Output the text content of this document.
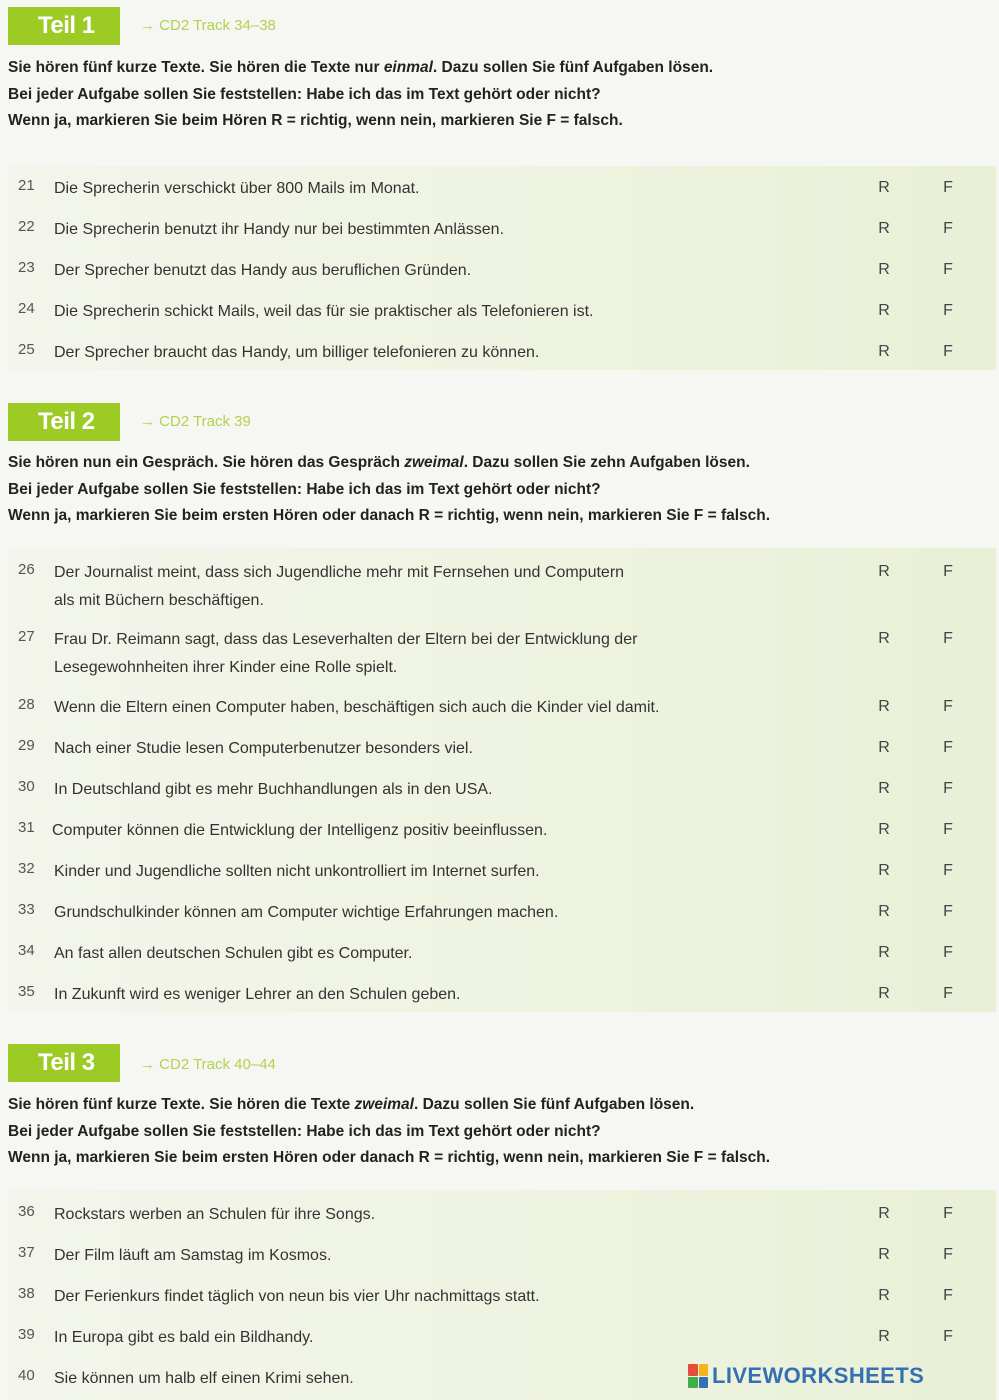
Teil 1	→ CD2 Track 34–38

Sie hören fünf kurze Texte. Sie hören die Texte nur einmal. Dazu sollen Sie fünf Aufgaben lösen.

Bei jeder Aufgabe sollen Sie feststellen: Habe ich das im Text gehört oder nicht?

Wenn ja, markieren Sie beim Hören R = richtig, wenn nein, markieren Sie F = falsch.

21	Die Sprecherin verschickt über 800 Mails im Monat.	R	F
22	Die Sprecherin benutzt ihr Handy nur bei bestimmten Anlässen.	R	F
23	Der Sprecher benutzt das Handy aus beruflichen Gründen.	R	F
24	Die Sprecherin schickt Mails, weil das für sie praktischer als Telefonieren ist.	R	F
25	Der Sprecher braucht das Handy, um billiger telefonieren zu können.	R	F
Teil 2	→ CD2 Track 39

Sie hören nun ein Gespräch. Sie hören das Gespräch zweimal. Dazu sollen Sie zehn Aufgaben lösen.

Bei jeder Aufgabe sollen Sie feststellen: Habe ich das im Text gehört oder nicht?

Wenn ja, markieren Sie beim ersten Hören oder danach R = richtig, wenn nein, markieren Sie F = falsch.

26	Der Journalist meint, dass sich Jugendliche mehr mit Fernsehen und Computern
als mit Büchern beschäftigen.
R	F
27	Frau Dr. Reimann sagt, dass das Leseverhalten der Eltern bei der Entwicklung der
Lesegewohnheiten ihrer Kinder eine Rolle spielt.
R	F
28	Wenn die Eltern einen Computer haben, beschäftigen sich auch die Kinder viel damit.	R	F
29	Nach einer Studie lesen Computerbenutzer besonders viel.	R	F
30	In Deutschland gibt es mehr Buchhandlungen als in den USA.	R	F
31	Computer können die Entwicklung der Intelligenz positiv beeinflussen.	R	F
32	Kinder und Jugendliche sollten nicht unkontrolliert im Internet surfen.	R	F
33	Grundschulkinder können am Computer wichtige Erfahrungen machen.	R	F
34	An fast allen deutschen Schulen gibt es Computer.	R	F
35	In Zukunft wird es weniger Lehrer an den Schulen geben.	R	F
Teil 3	→ CD2 Track 40–44

Sie hören fünf kurze Texte. Sie hören die Texte zweimal. Dazu sollen Sie fünf Aufgaben lösen.

Bei jeder Aufgabe sollen Sie feststellen: Habe ich das im Text gehört oder nicht?

Wenn ja, markieren Sie beim ersten Hören oder danach R = richtig, wenn nein, markieren Sie F = falsch.

36	Rockstars werben an Schulen für ihre Songs.	R	F
37	Der Film läuft am Samstag im Kosmos.	R	F
38	Der Ferienkurs findet täglich von neun bis vier Uhr nachmittags statt.	R	F
39	In Europa gibt es bald ein Bildhandy.	R	F
40	Sie können um halb elf einen Krimi sehen.	LIVEWORKSHEETS
